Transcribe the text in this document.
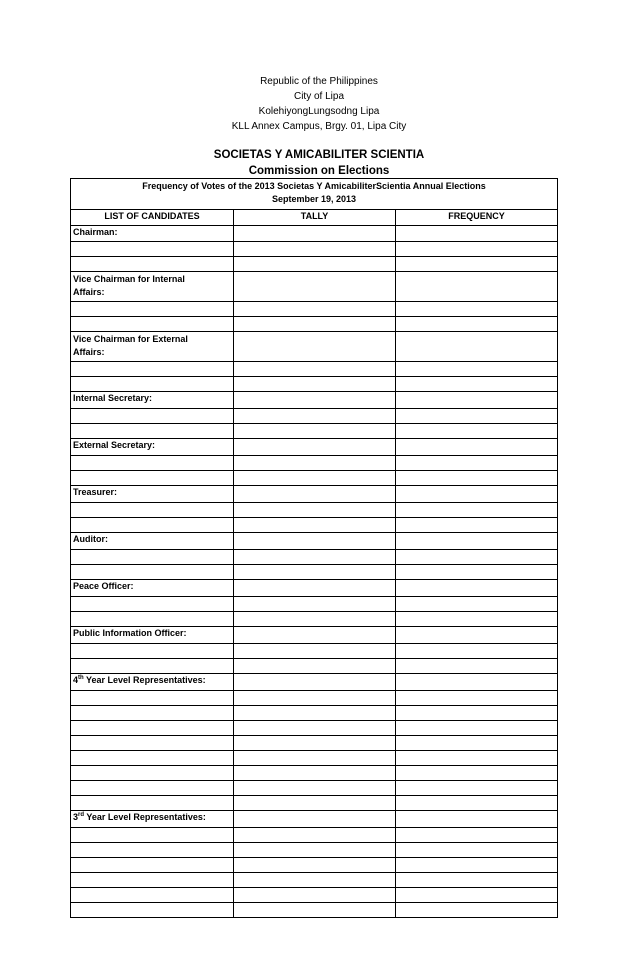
Republic of the Philippines
City of Lipa
KolehiyongLungsodng Lipa
KLL Annex Campus, Brgy. 01, Lipa City
SOCIETAS Y AMICABILITER SCIENTIA
Commission on Elections
Frequency of Votes of the 2013 Societas Y AmicabiliterScientia Annual Elections
September 19, 2013		

LIST OF CANDIDATES	TALLY	FREQUENCY
Chairman:		

Vice Chairman for Internal
Affairs:		

Vice Chairman for External
Affairs:		

Internal Secretary:		

External Secretary:		

Treasurer:		

Auditor:		

Peace Officer:		

Public Information Officer:		

4th Year Level Representatives:		

3rd Year Level Representatives:		
